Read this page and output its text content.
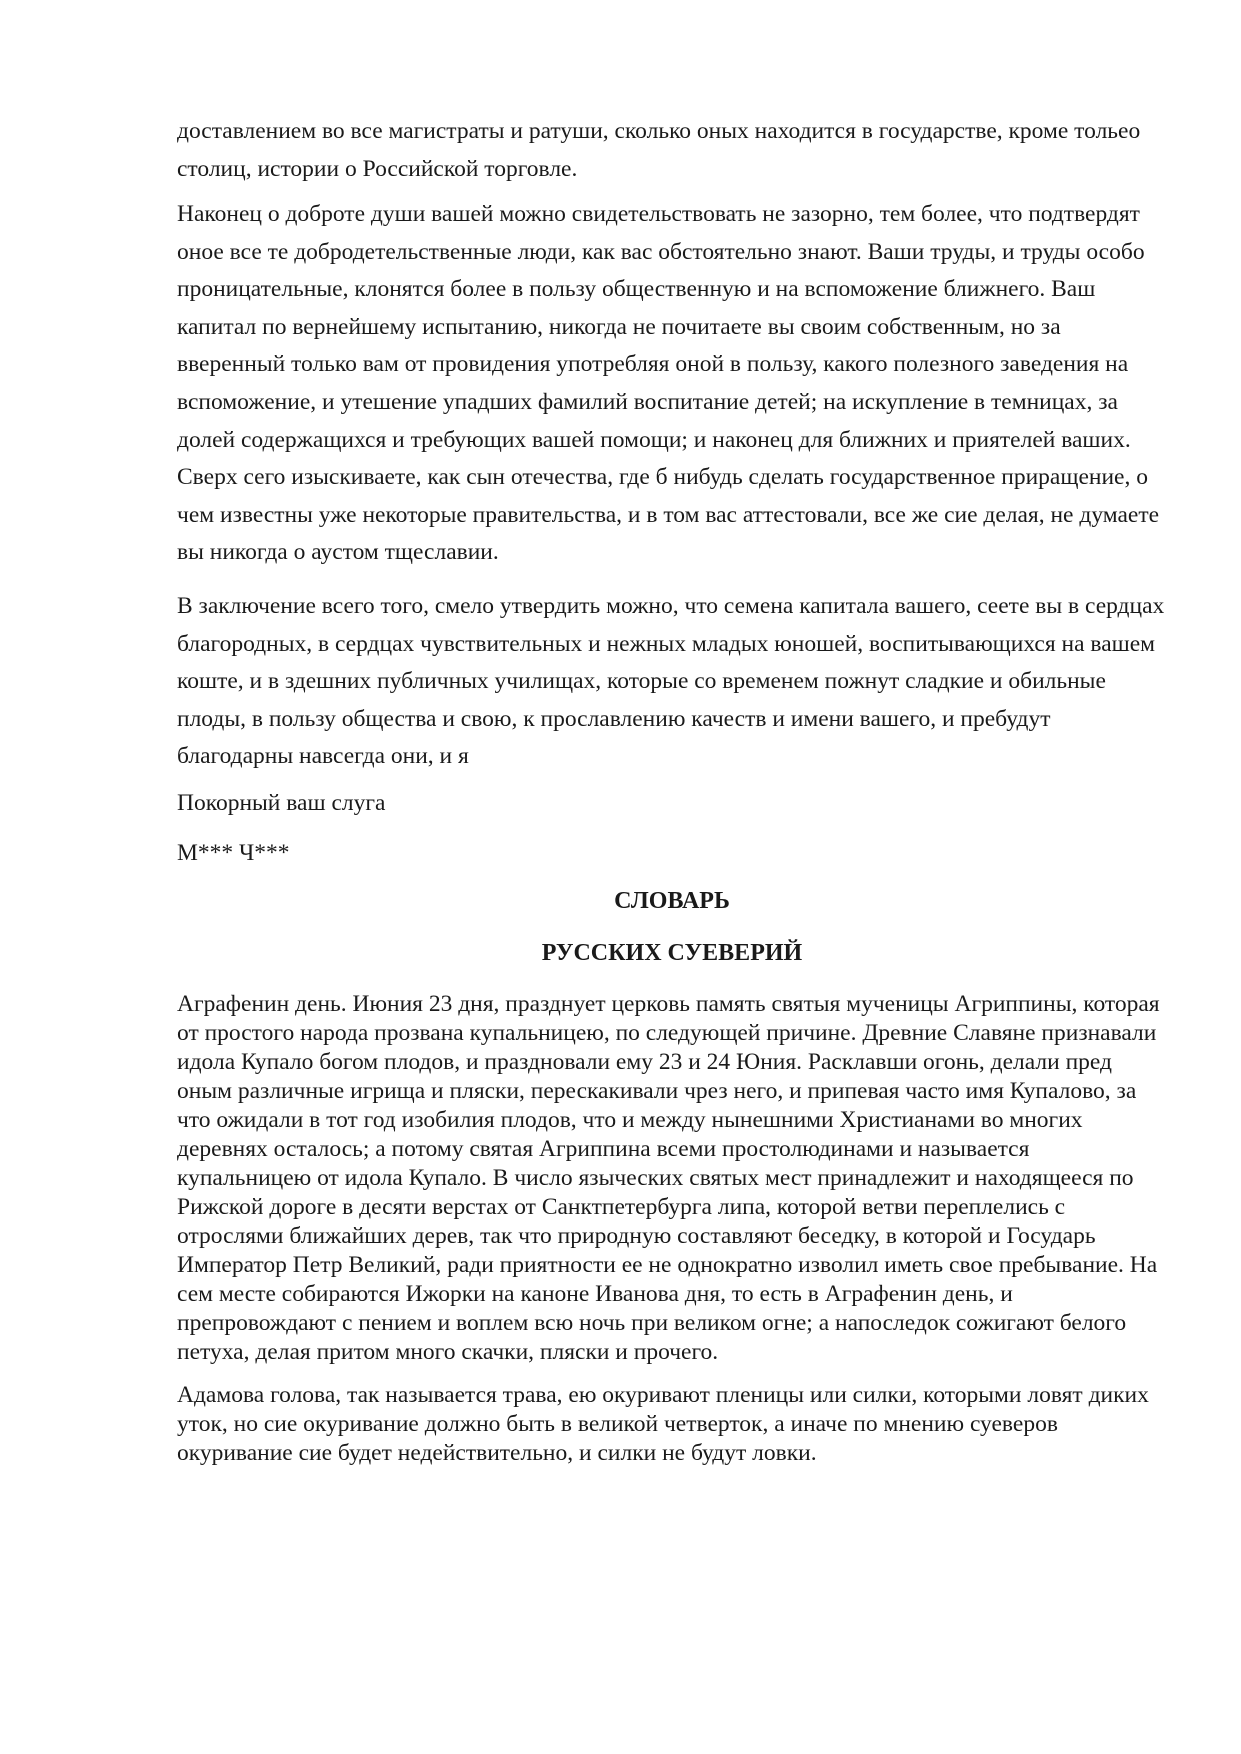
доставлением во все магистраты и ратуши, сколько оных находится в государстве, кроме тольео столиц, истории о Российской торговле.

Наконец о доброте души вашей можно свидетельствовать не зазорно, тем более, что подтвердят оное все те добродетельственные люди, как вас обстоятельно знают. Ваши труды, и труды особо проницательные, клонятся более в пользу общественную и на вспоможение ближнего. Ваш капитал по вернейшему испытанию, никогда не почитаете вы своим собственным, но за вверенный только вам от провидения употребляя оной в пользу, какого полезного заведения на вспоможение, и утешение упадших фамилий воспитание детей; на искупление в темницах, за долей содержащихся и требующих вашей помощи; и наконец для ближних и приятелей ваших. Сверх сего изыскиваете, как сын отечества, где б нибудь сделать государственное приращение, о чем известны уже некоторые правительства, и в том вас аттестовали, все же сие делая, не думаете вы никогда о аустом тщеславии.

В заключение всего того, смело утвердить можно, что семена капитала вашего, сеете вы в сердцах благородных, в сердцах чувствительных и нежных младых юношей, воспитывающихся на вашем коште, и в здешних публичных училищах, которые со временем пожнут сладкие и обильные плоды, в пользу общества и свою, к прославлению качеств и имени вашего, и пребудут благодарны навсегда они, и я

Покорный ваш слуга

М*** Ч***

СЛОВАРЬ
РУССКИХ СУЕВЕРИЙ

Аграфенин день. Июния 23 дня, празднует церковь память святыя мученицы Агриппины, которая от простого народа прозвана купальницею, по следующей причине. Древние Славяне признавали идола Купало богом плодов, и праздновали ему 23 и 24 Юния. Расклавши огонь, делали пред оным различные игрища и пляски, перескакивали чрез него, и припевая часто имя Купалово, за что ожидали в тот год изобилия плодов, что и между нынешними Христианами во многих деревнях осталось; а потому святая Агриппина всеми простолюдинами и называется купальницею от идола Купало. В число языческих святых мест принадлежит и находящееся по Рижской дороге в десяти верстах от Санктпетербурга липа, которой ветви переплелись с отрослями ближайших дерев, так что природную составляют беседку, в которой и Государь Император Петр Великий, ради приятности ее не однократно изволил иметь свое пребывание. На сем месте собираются Ижорки на каноне Иванова дня, то есть в Аграфенин день, и препровождают с пением и воплем всю ночь при великом огне; а напоследок сожигают белого петуха, делая притом много скачки, пляски и прочего.

Адамова голова, так называется трава, ею окуривают пленицы или силки, которыми ловят диких уток, но сие окуривание должно быть в великой четверток, а иначе по мнению суеверов окуривание сие будет недействительно, и силки не будут ловки.
